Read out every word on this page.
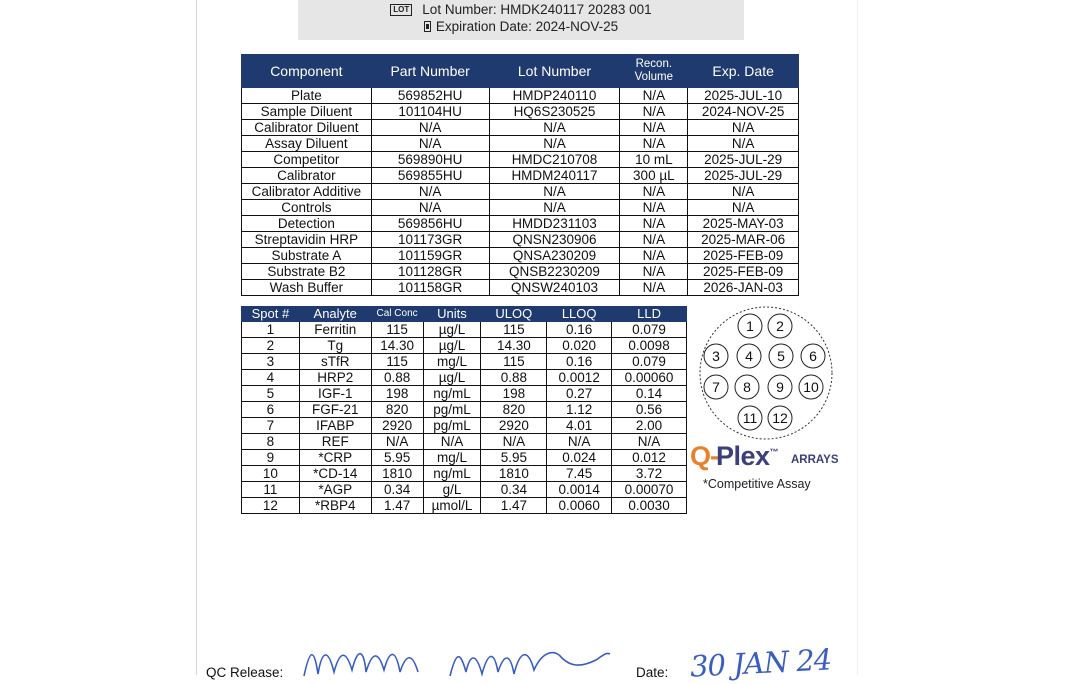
LOT Lot Number: HMDK240117 20283 001
Expiration Date: 2024-NOV-25
Component	Part Number	Lot Number	Recon. Volume	Exp. Date
Plate	569852HU	HMDP240110	N/A	2025-JUL-10
Sample Diluent	101104HU	HQ6S230525	N/A	2024-NOV-25
Calibrator Diluent	N/A	N/A	N/A	N/A
Assay Diluent	N/A	N/A	N/A	N/A
Competitor	569890HU	HMDC210708	10 mL	2025-JUL-29
Calibrator	569855HU	HMDM240117	300 µL	2025-JUL-29
Calibrator Additive	N/A	N/A	N/A	N/A
Controls	N/A	N/A	N/A	N/A
Detection	569856HU	HMDD231103	N/A	2025-MAY-03
Streptavidin HRP	101173GR	QNSN230906	N/A	2025-MAR-06
Substrate A	101159GR	QNSA230209	N/A	2025-FEB-09
Substrate B2	101128GR	QNSB2230209	N/A	2025-FEB-09
Wash Buffer	101158GR	QNSW240103	N/A	2026-JAN-03
Spot #	Analyte	Cal Conc	Units	ULOQ	LLOQ	LLD
1	Ferritin	115	µg/L	115	0.16	0.079
2	Tg	14.30	µg/L	14.30	0.020	0.0098
3	sTfR	115	mg/L	115	0.16	0.079
4	HRP2	0.88	µg/L	0.88	0.0012	0.00060
5	IGF-1	198	ng/mL	198	0.27	0.14
6	FGF-21	820	pg/mL	820	1.12	0.56
7	IFABP	2920	pg/mL	2920	4.01	2.00
8	REF	N/A	N/A	N/A	N/A	N/A
9	*CRP	5.95	mg/L	5.95	0.024	0.012
10	*CD-14	1810	ng/mL	1810	7.45	3.72
11	*AGP	0.34	g/L	0.34	0.0014	0.00070
12	*RBP4	1.47	µmol/L	1.47	0.0060	0.0030
1 2
3 4 5 6
7 8 9 10
11 12
Q-
Plex™
ARRAYS
*Competitive Assay
QC Release:	Date: 30 JAN 24
